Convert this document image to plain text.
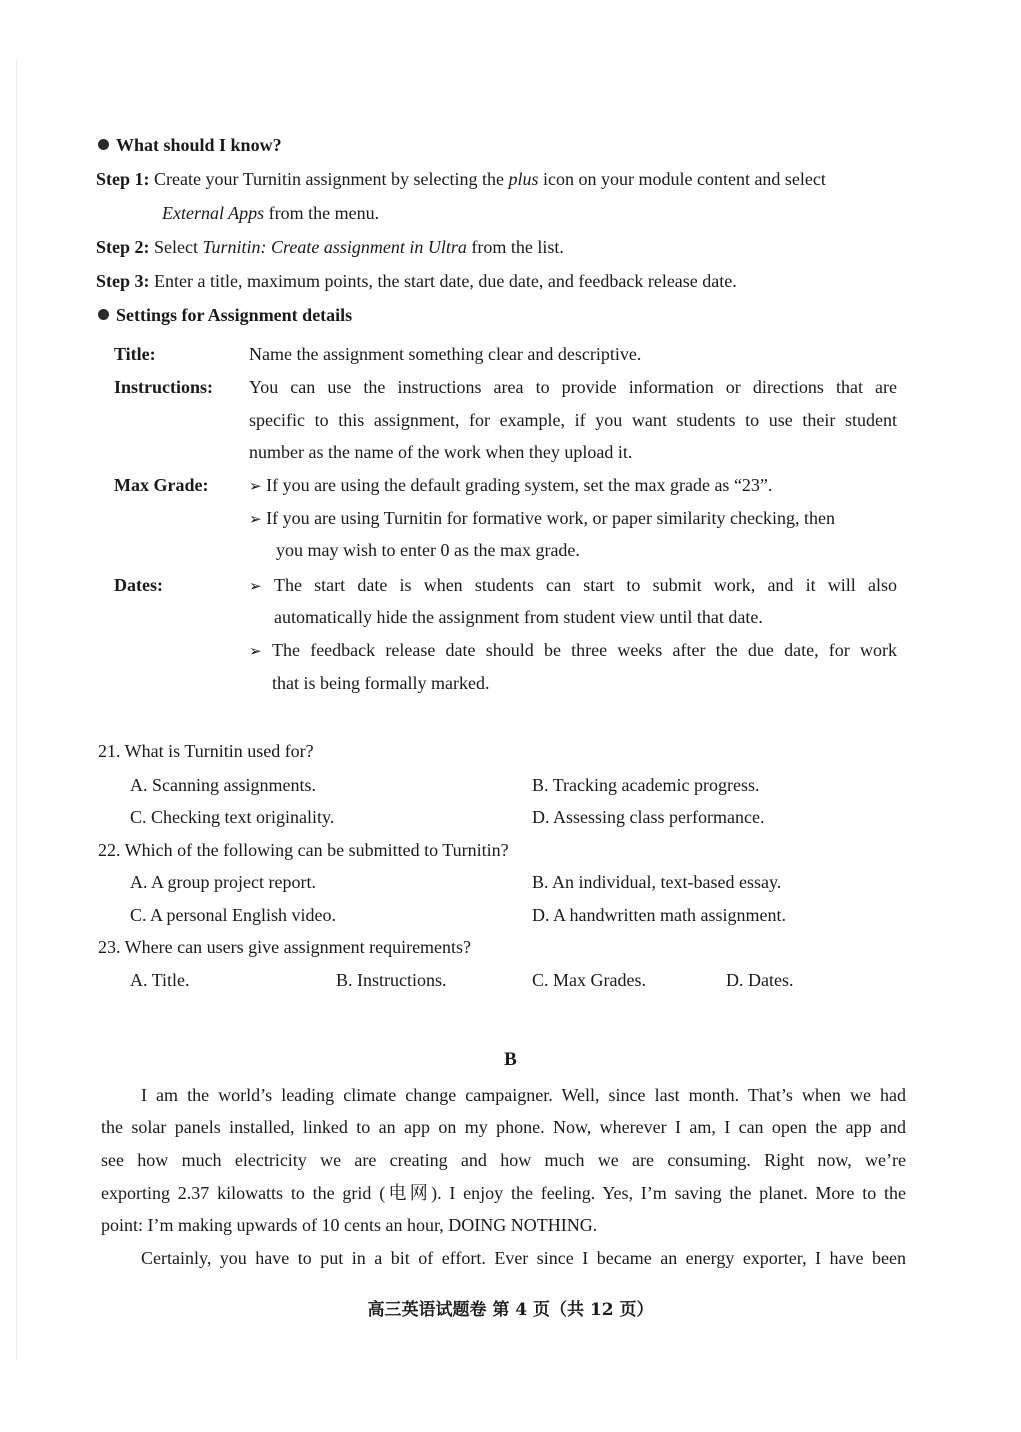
What should I know?
Step 1: Create your Turnitin assignment by selecting the plus icon on your module content and select
External Apps from the menu.
Step 2: Select Turnitin: Create assignment in Ultra from the list.
Step 3: Enter a title, maximum points, the start date, due date, and feedback release date.
Settings for Assignment details
Title:	Name the assignment something clear and descriptive.
Instructions: You can use the instructions area to provide information or directions that are
specific to this assignment, for example, if you want students to use their student
number as the name of the work when they upload it.
Max Grade:	➢ If you are using the default grading system, set the max grade as “23”.
➢ If you are using Turnitin for formative work, or paper similarity checking, then
you may wish to enter 0 as the max grade.
Dates:	➢ The start date is when students can start to submit work, and it will also
automatically hide the assignment from student view until that date.
➢ The feedback release date should be three weeks after the due date, for work
that is being formally marked.
21. What is Turnitin used for?
A. Scanning assignments.	B. Tracking academic progress.
C. Checking text originality.	D. Assessing class performance.
22. Which of the following can be submitted to Turnitin?
A. A group project report.	B. An individual, text-based essay.
C. A personal English video.	D. A handwritten math assignment.
23. Where can users give assignment requirements?
A. Title.	B. Instructions.	C. Max Grades.	D. Dates.
B
I am the world’s leading climate change campaigner. Well, since last month. That’s when we had
the solar panels installed, linked to an app on my phone. Now, wherever I am, I can open the app and
see how much electricity we are creating and how much we are consuming. Right now, we’re
exporting 2.37 kilowatts to the grid (电网). I enjoy the feeling. Yes, I’m saving the planet. More to the
point: I’m making upwards of 10 cents an hour, DOING NOTHING.
Certainly, you have to put in a bit of effort. Ever since I became an energy exporter, I have been
高三英语试题卷 第 4 页（共 12 页）
